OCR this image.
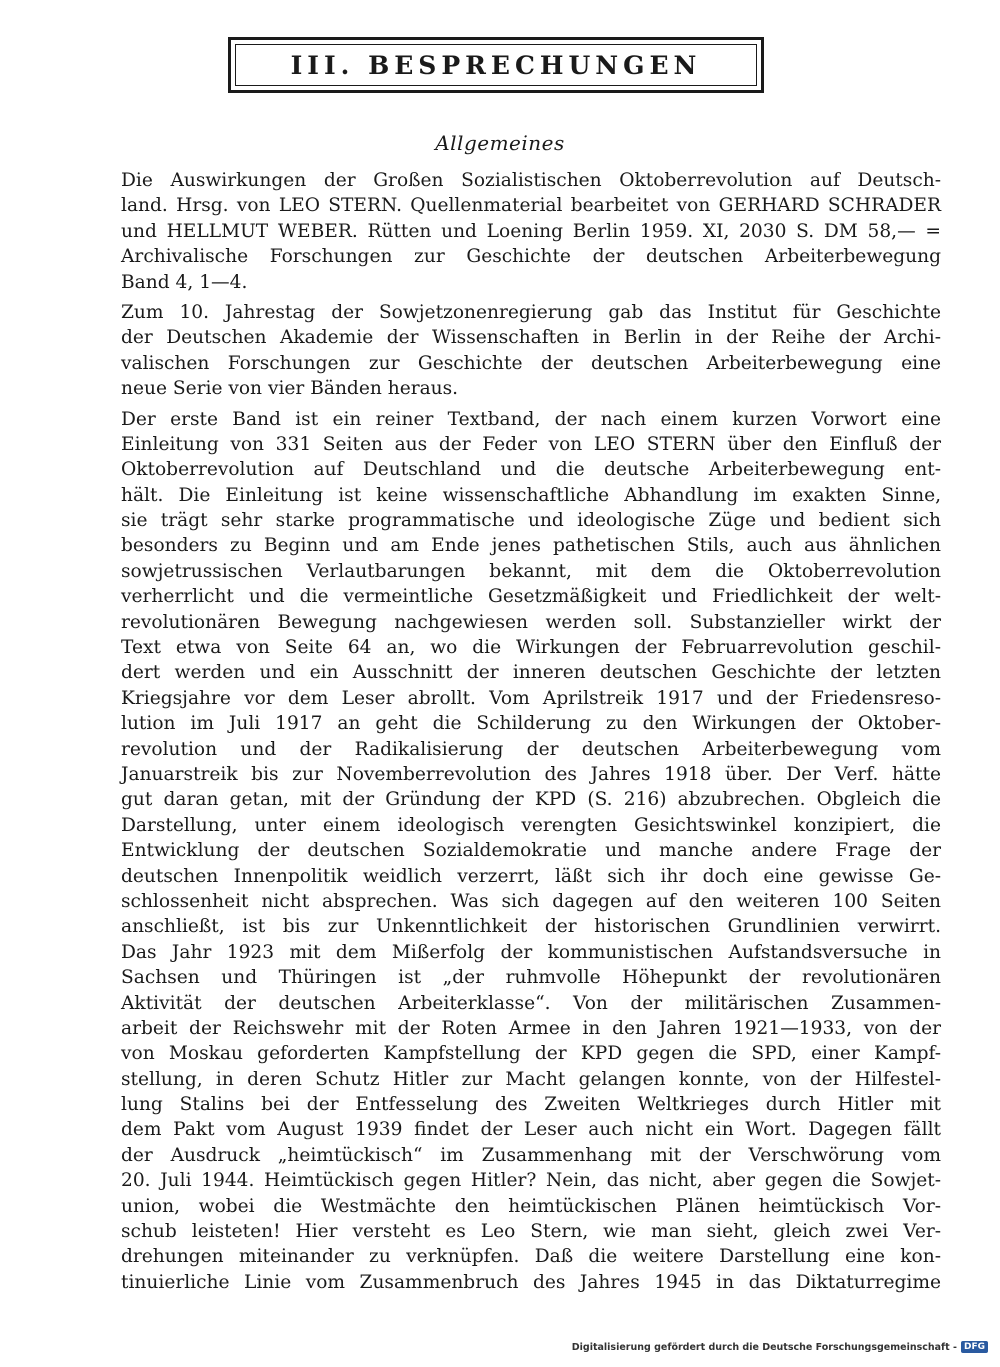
III. BESPRECHUNGEN
Allgemeines
Die Auswirkungen der Großen Sozialistischen Oktoberrevolution auf Deutsch-
land. Hrsg. von LEO STERN. Quellenmaterial bearbeitet von GERHARD SCHRADER
und HELLMUT WEBER. Rütten und Loening Berlin 1959. XI, 2030 S. DM 58,— =
Archivalische Forschungen zur Geschichte der deutschen Arbeiterbewegung
Band 4, 1—4.
Zum 10. Jahrestag der Sowjetzonenregierung gab das Institut für Geschichte
der Deutschen Akademie der Wissenschaften in Berlin in der Reihe der Archi-
valischen Forschungen zur Geschichte der deutschen Arbeiterbewegung eine
neue Serie von vier Bänden heraus.
Der erste Band ist ein reiner Textband, der nach einem kurzen Vorwort eine
Einleitung von 331 Seiten aus der Feder von LEO STERN über den Einfluß der
Oktoberrevolution auf Deutschland und die deutsche Arbeiterbewegung ent-
hält. Die Einleitung ist keine wissenschaftliche Abhandlung im exakten Sinne,
sie trägt sehr starke programmatische und ideologische Züge und bedient sich
besonders zu Beginn und am Ende jenes pathetischen Stils, auch aus ähnlichen
sowjetrussischen Verlautbarungen bekannt, mit dem die Oktoberrevolution
verherrlicht und die vermeintliche Gesetzmäßigkeit und Friedlichkeit der welt-
revolutionären Bewegung nachgewiesen werden soll. Substanzieller wirkt der
Text etwa von Seite 64 an, wo die Wirkungen der Februarrevolution geschil-
dert werden und ein Ausschnitt der inneren deutschen Geschichte der letzten
Kriegsjahre vor dem Leser abrollt. Vom Aprilstreik 1917 und der Friedensreso-
lution im Juli 1917 an geht die Schilderung zu den Wirkungen der Oktober-
revolution und der Radikalisierung der deutschen Arbeiterbewegung vom
Januarstreik bis zur Novemberrevolution des Jahres 1918 über. Der Verf. hätte
gut daran getan, mit der Gründung der KPD (S. 216) abzubrechen. Obgleich die
Darstellung, unter einem ideologisch verengten Gesichtswinkel konzipiert, die
Entwicklung der deutschen Sozialdemokratie und manche andere Frage der
deutschen Innenpolitik weidlich verzerrt, läßt sich ihr doch eine gewisse Ge-
schlossenheit nicht absprechen. Was sich dagegen auf den weiteren 100 Seiten
anschließt, ist bis zur Unkenntlichkeit der historischen Grundlinien verwirrt.
Das Jahr 1923 mit dem Mißerfolg der kommunistischen Aufstandsversuche in
Sachsen und Thüringen ist „der ruhmvolle Höhepunkt der revolutionären
Aktivität der deutschen Arbeiterklasse“. Von der militärischen Zusammen-
arbeit der Reichswehr mit der Roten Armee in den Jahren 1921—1933, von der
von Moskau geforderten Kampfstellung der KPD gegen die SPD, einer Kampf-
stellung, in deren Schutz Hitler zur Macht gelangen konnte, von der Hilfestel-
lung Stalins bei der Entfesselung des Zweiten Weltkrieges durch Hitler mit
dem Pakt vom August 1939 findet der Leser auch nicht ein Wort. Dagegen fällt
der Ausdruck „heimtückisch“ im Zusammenhang mit der Verschwörung vom
20. Juli 1944. Heimtückisch gegen Hitler? Nein, das nicht, aber gegen die Sowjet-
union, wobei die Westmächte den heimtückischen Plänen heimtückisch Vor-
schub leisteten! Hier versteht es Leo Stern, wie man sieht, gleich zwei Ver-
drehungen miteinander zu verknüpfen. Daß die weitere Darstellung eine kon-
tinuierliche Linie vom Zusammenbruch des Jahres 1945 in das Diktaturregime
Digitalisierung gefördert durch die Deutsche Forschungsgemeinschaft - DFG
